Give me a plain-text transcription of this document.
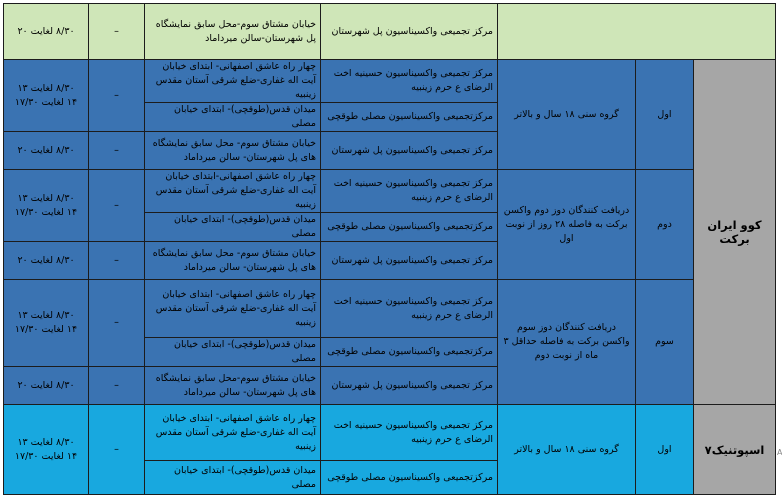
			مرکز تجمیعی واکسیناسیون پل شهرستان	خیابان مشتاق سوم-محل سابق نمایشگاه پل شهرستان-سالن میرداماد	–	۸/۳۰ لغایت ۲۰
کوو ایران برکت	اول	گروه سنی ۱۸ سال و بالاتر	مرکز تجمیعی واکسیناسیون حسینیه اخت الرضای ع حرم زینبیه	چهار راه عاشق اصفهانی- ابتدای خیابان آیت اله غفاری-ضلع شرقی آستان مقدس زینبیه	–	۸/۳۰ لغایت ۱۳
۱۴ لغایت ۱۷/۳۰
			مرکزتجمیعی واکسیناسیون مصلی طوقچی	میدان قدس(طوقچی)- ابتدای خیابان مصلی		
			مرکز تجمیعی واکسیناسیون پل شهرستان	خیابان مشتاق سوم- محل سابق نمایشگاه های پل شهرستان- سالن میرداماد	–	۸/۳۰ لغایت ۲۰
	دوم	دریافت کنندگان دوز دوم واکسن برکت به فاصله ۲۸ روز از نوبت اول	مرکز تجمیعی واکسیناسیون حسینیه اخت الرضای ع حرم زینبیه	چهار راه عاشق اصفهانی-ابتدای خیابان آیت اله غفاری-ضلع شرقی آستان مقدس زینبیه	–	۸/۳۰ لغایت ۱۳
۱۴ لغایت ۱۷/۳۰
			مرکزتجمیعی واکسیناسیون مصلی طوقچی	میدان قدس(طوقچی)- ابتدای خیابان مصلی		
			مرکز تجمیعی واکسیناسیون پل شهرستان	خیابان مشتاق سوم- محل سابق نمایشگاه های پل شهرستان- سالن میرداماد	–	۸/۳۰ لغایت ۲۰
	سوم	دریافت کنندگان دوز سوم واکسن برکت به فاصله حداقل ۳ ماه از نوبت دوم	مرکز تجمیعی واکسیناسیون حسینیه اخت الرضای ع حرم زینبیه	چهار راه عاشق اصفهانی- ابتدای خیابان آیت اله غفاری-ضلع شرقی آستان مقدس زینبیه	–	۸/۳۰ لغایت ۱۳
۱۴ لغایت ۱۷/۳۰
			مرکزتجمیعی واکسیناسیون مصلی طوقچی	میدان قدس(طوقچی)- ابتدای خیابان مصلی		
			مرکز تجمیعی واکسیناسیون پل شهرستان	خیابان مشتاق سوم-محل سابق نمایشگاه های پل شهرستان- سالن میرداماد	–	۸/۳۰ لغایت ۲۰
اسپوتنیک۷	اول	گروه سنی ۱۸ سال و بالاتر	مرکز تجمیعی واکسیناسیون حسینیه اخت الرضای ع حرم زینبیه	چهار راه عاشق اصفهانی- ابتدای خیابان آیت اله غفاری-ضلع شرقی آستان مقدس زینبیه	–	۸/۳۰ لغایت ۱۳
۱۴ لغایت ۱۷/۳۰
			مرکزتجمیعی واکسیناسیون مصلی طوقچی	میدان قدس(طوقچی)- ابتدای خیابان مصلی		
A
